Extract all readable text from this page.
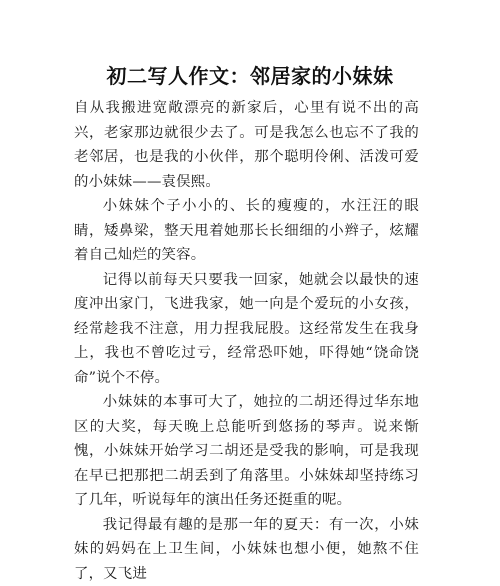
初二写人作文：邻居家的小妹妹

自从我搬进宽敞漂亮的新家后，心里有说不出的高兴，老家那边就很少去了。可是我怎么也忘不了我的老邻居，也是我的小伙伴，那个聪明伶俐、活泼可爱的小妹妹——袁俣熙。

小妹妹个子小小的、长的瘦瘦的，水汪汪的眼睛，矮鼻梁，整天甩着她那长长细细的小辫子，炫耀着自己灿烂的笑容。

记得以前每天只要我一回家，她就会以最快的速度冲出家门，飞进我家，她一向是个爱玩的小女孩，经常趁我不注意，用力捏我屁股。这经常发生在我身上，我也不曾吃过亏，经常恐吓她，吓得她“饶命饶命”说个不停。

小妹妹的本事可大了，她拉的二胡还得过华东地区的大奖，每天晚上总能听到悠扬的琴声。说来惭愧，小妹妹开始学习二胡还是受我的影响，可是我现在早已把那把二胡丢到了角落里。小妹妹却坚持练习了几年，听说每年的演出任务还挺重的呢。

我记得最有趣的是那一年的夏天：有一次，小妹妹的妈妈在上卫生间，小妹妹也想小便，她熬不住了，又飞进
